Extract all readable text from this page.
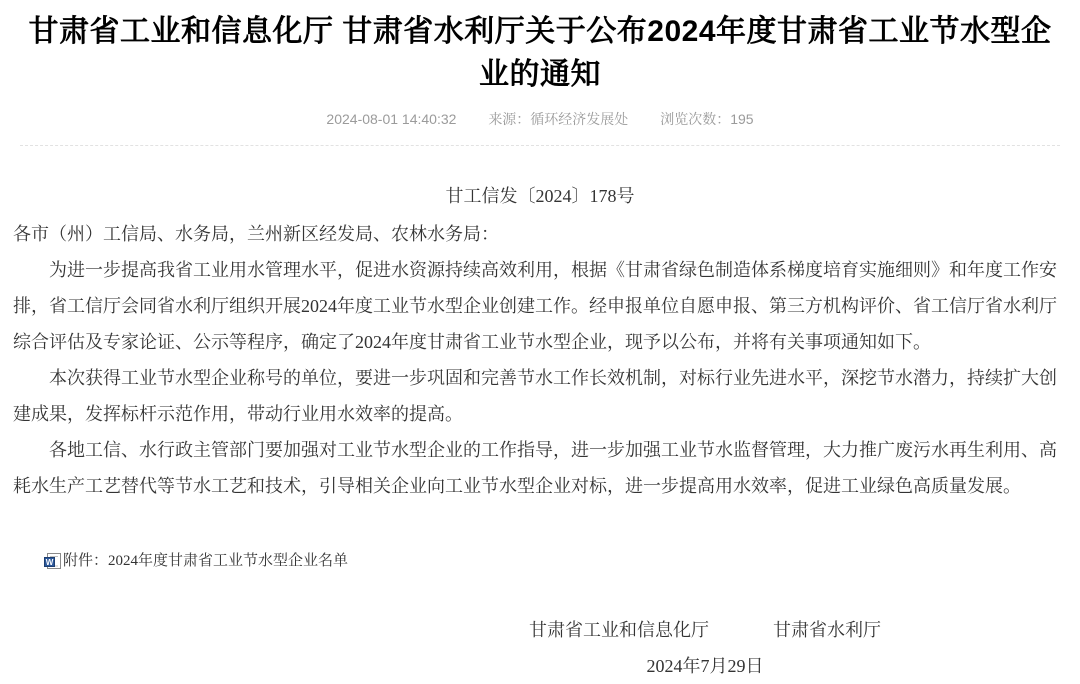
甘肃省工业和信息化厅 甘肃省水利厅关于公布2024年度甘肃省工业节水型企业的通知
2024-08-01 14:40:32 来源：循环经济发展处 浏览次数：195
甘工信发〔2024〕178号

各市（州）工信局、水务局，兰州新区经发局、农林水务局：

为进一步提高我省工业用水管理水平，促进水资源持续高效利用，根据《甘肃省绿色制造体系梯度培育实施细则》和年度工作安排，省工信厅会同省水利厅组织开展2024年度工业节水型企业创建工作。经申报单位自愿申报、第三方机构评价、省工信厅省水利厅综合评估及专家论证、公示等程序，确定了2024年度甘肃省工业节水型企业，现予以公布，并将有关事项通知如下。

本次获得工业节水型企业称号的单位，要进一步巩固和完善节水工作长效机制，对标行业先进水平，深挖节水潜力，持续扩大创建成果，发挥标杆示范作用，带动行业用水效率的提高。

各地工信、水行政主管部门要加强对工业节水型企业的工作指导，进一步加强工业节水监督管理，大力推广废污水再生利用、高耗水生产工艺替代等节水工艺和技术，引导相关企业向工业节水型企业对标，进一步提高用水效率，促进工业绿色高质量发展。

W 附件：2024年度甘肃省工业节水型企业名单
甘肃省工业和信息化厅	甘肃省水利厅
2024年7月29日
